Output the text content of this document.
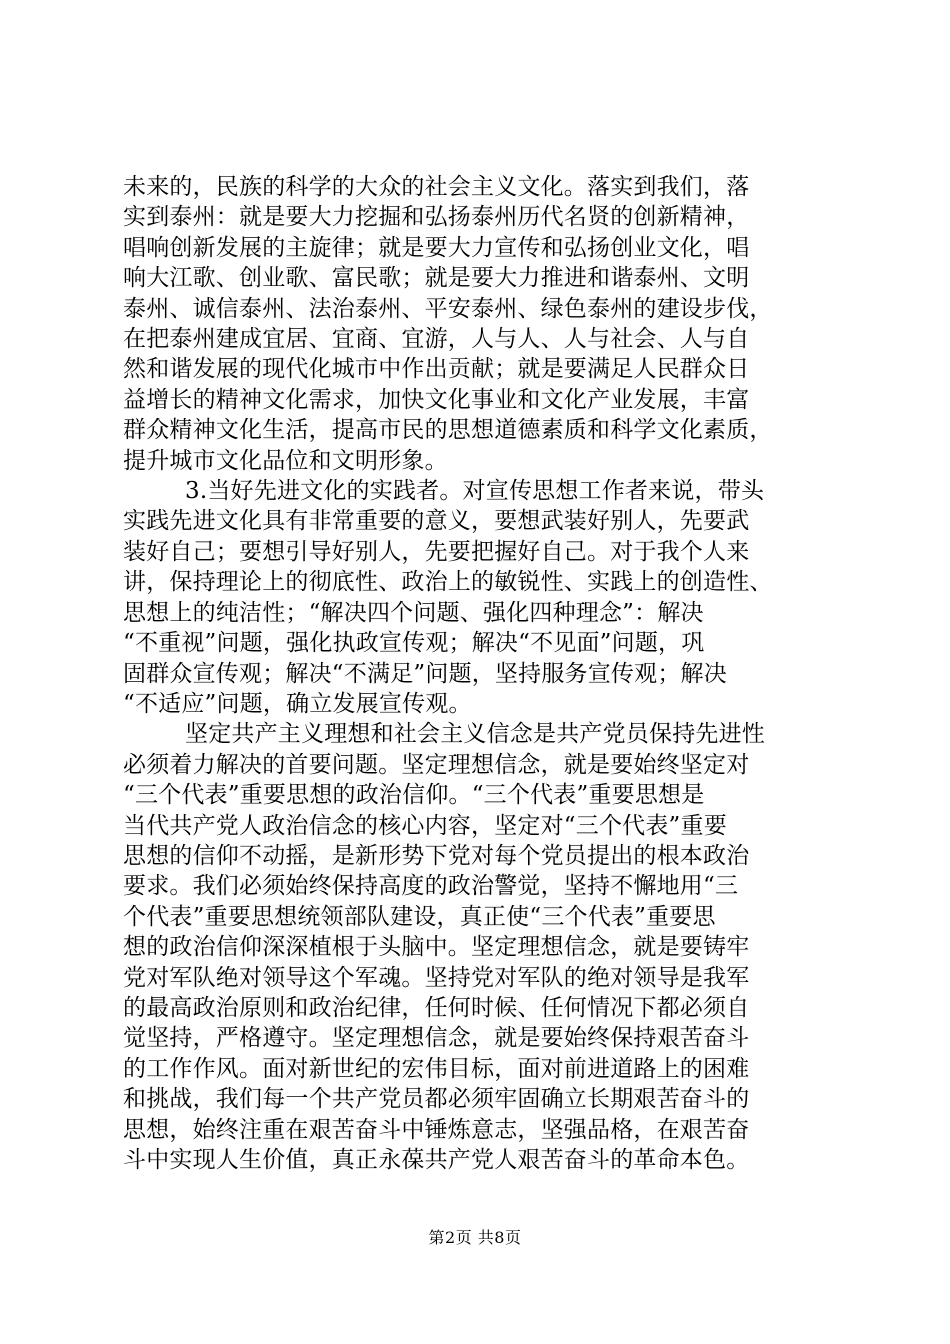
未来的，民族的科学的大众的社会主义文化。落实到我们，落
实到泰州：就是要大力挖掘和弘扬泰州历代名贤的创新精神，
唱响创新发展的主旋律；就是要大力宣传和弘扬创业文化，唱
响大江歌、创业歌、富民歌；就是要大力推进和谐泰州、文明
泰州、诚信泰州、法治泰州、平安泰州、绿色泰州的建设步伐，
在把泰州建成宜居、宜商、宜游，人与人、人与社会、人与自
然和谐发展的现代化城市中作出贡献；就是要满足人民群众日
益增长的精神文化需求，加快文化事业和文化产业发展，丰富
群众精神文化生活，提高市民的思想道德素质和科学文化素质，
提升城市文化品位和文明形象。

3.当好先进文化的实践者。对宣传思想工作者来说，带头
实践先进文化具有非常重要的意义，要想武装好别人，先要武
装好自己；要想引导好别人，先要把握好自己。对于我个人来
讲，保持理论上的彻底性、政治上的敏锐性、实践上的创造性、
思想上的纯洁性；“解决四个问题、强化四种理念”：解决
“不重视”问题，强化执政宣传观；解决“不见面”问题，巩
固群众宣传观；解决“不满足”问题，坚持服务宣传观；解决
“不适应”问题，确立发展宣传观。

坚定共产主义理想和社会主义信念是共产党员保持先进性
必须着力解决的首要问题。坚定理想信念，就是要始终坚定对
“三个代表”重要思想的政治信仰。“三个代表”重要思想是
当代共产党人政治信念的核心内容，坚定对“三个代表”重要
思想的信仰不动摇，是新形势下党对每个党员提出的根本政治
要求。我们必须始终保持高度的政治警觉，坚持不懈地用“三
个代表”重要思想统领部队建设，真正使“三个代表”重要思
想的政治信仰深深植根于头脑中。坚定理想信念，就是要铸牢
党对军队绝对领导这个军魂。坚持党对军队的绝对领导是我军
的最高政治原则和政治纪律，任何时候、任何情况下都必须自
觉坚持，严格遵守。坚定理想信念，就是要始终保持艰苦奋斗
的工作作风。面对新世纪的宏伟目标，面对前进道路上的困难
和挑战，我们每一个共产党员都必须牢固确立长期艰苦奋斗的
思想，始终注重在艰苦奋斗中锤炼意志，坚强品格，在艰苦奋
斗中实现人生价值，真正永葆共产党人艰苦奋斗的革命本色。

第2页 共8页
